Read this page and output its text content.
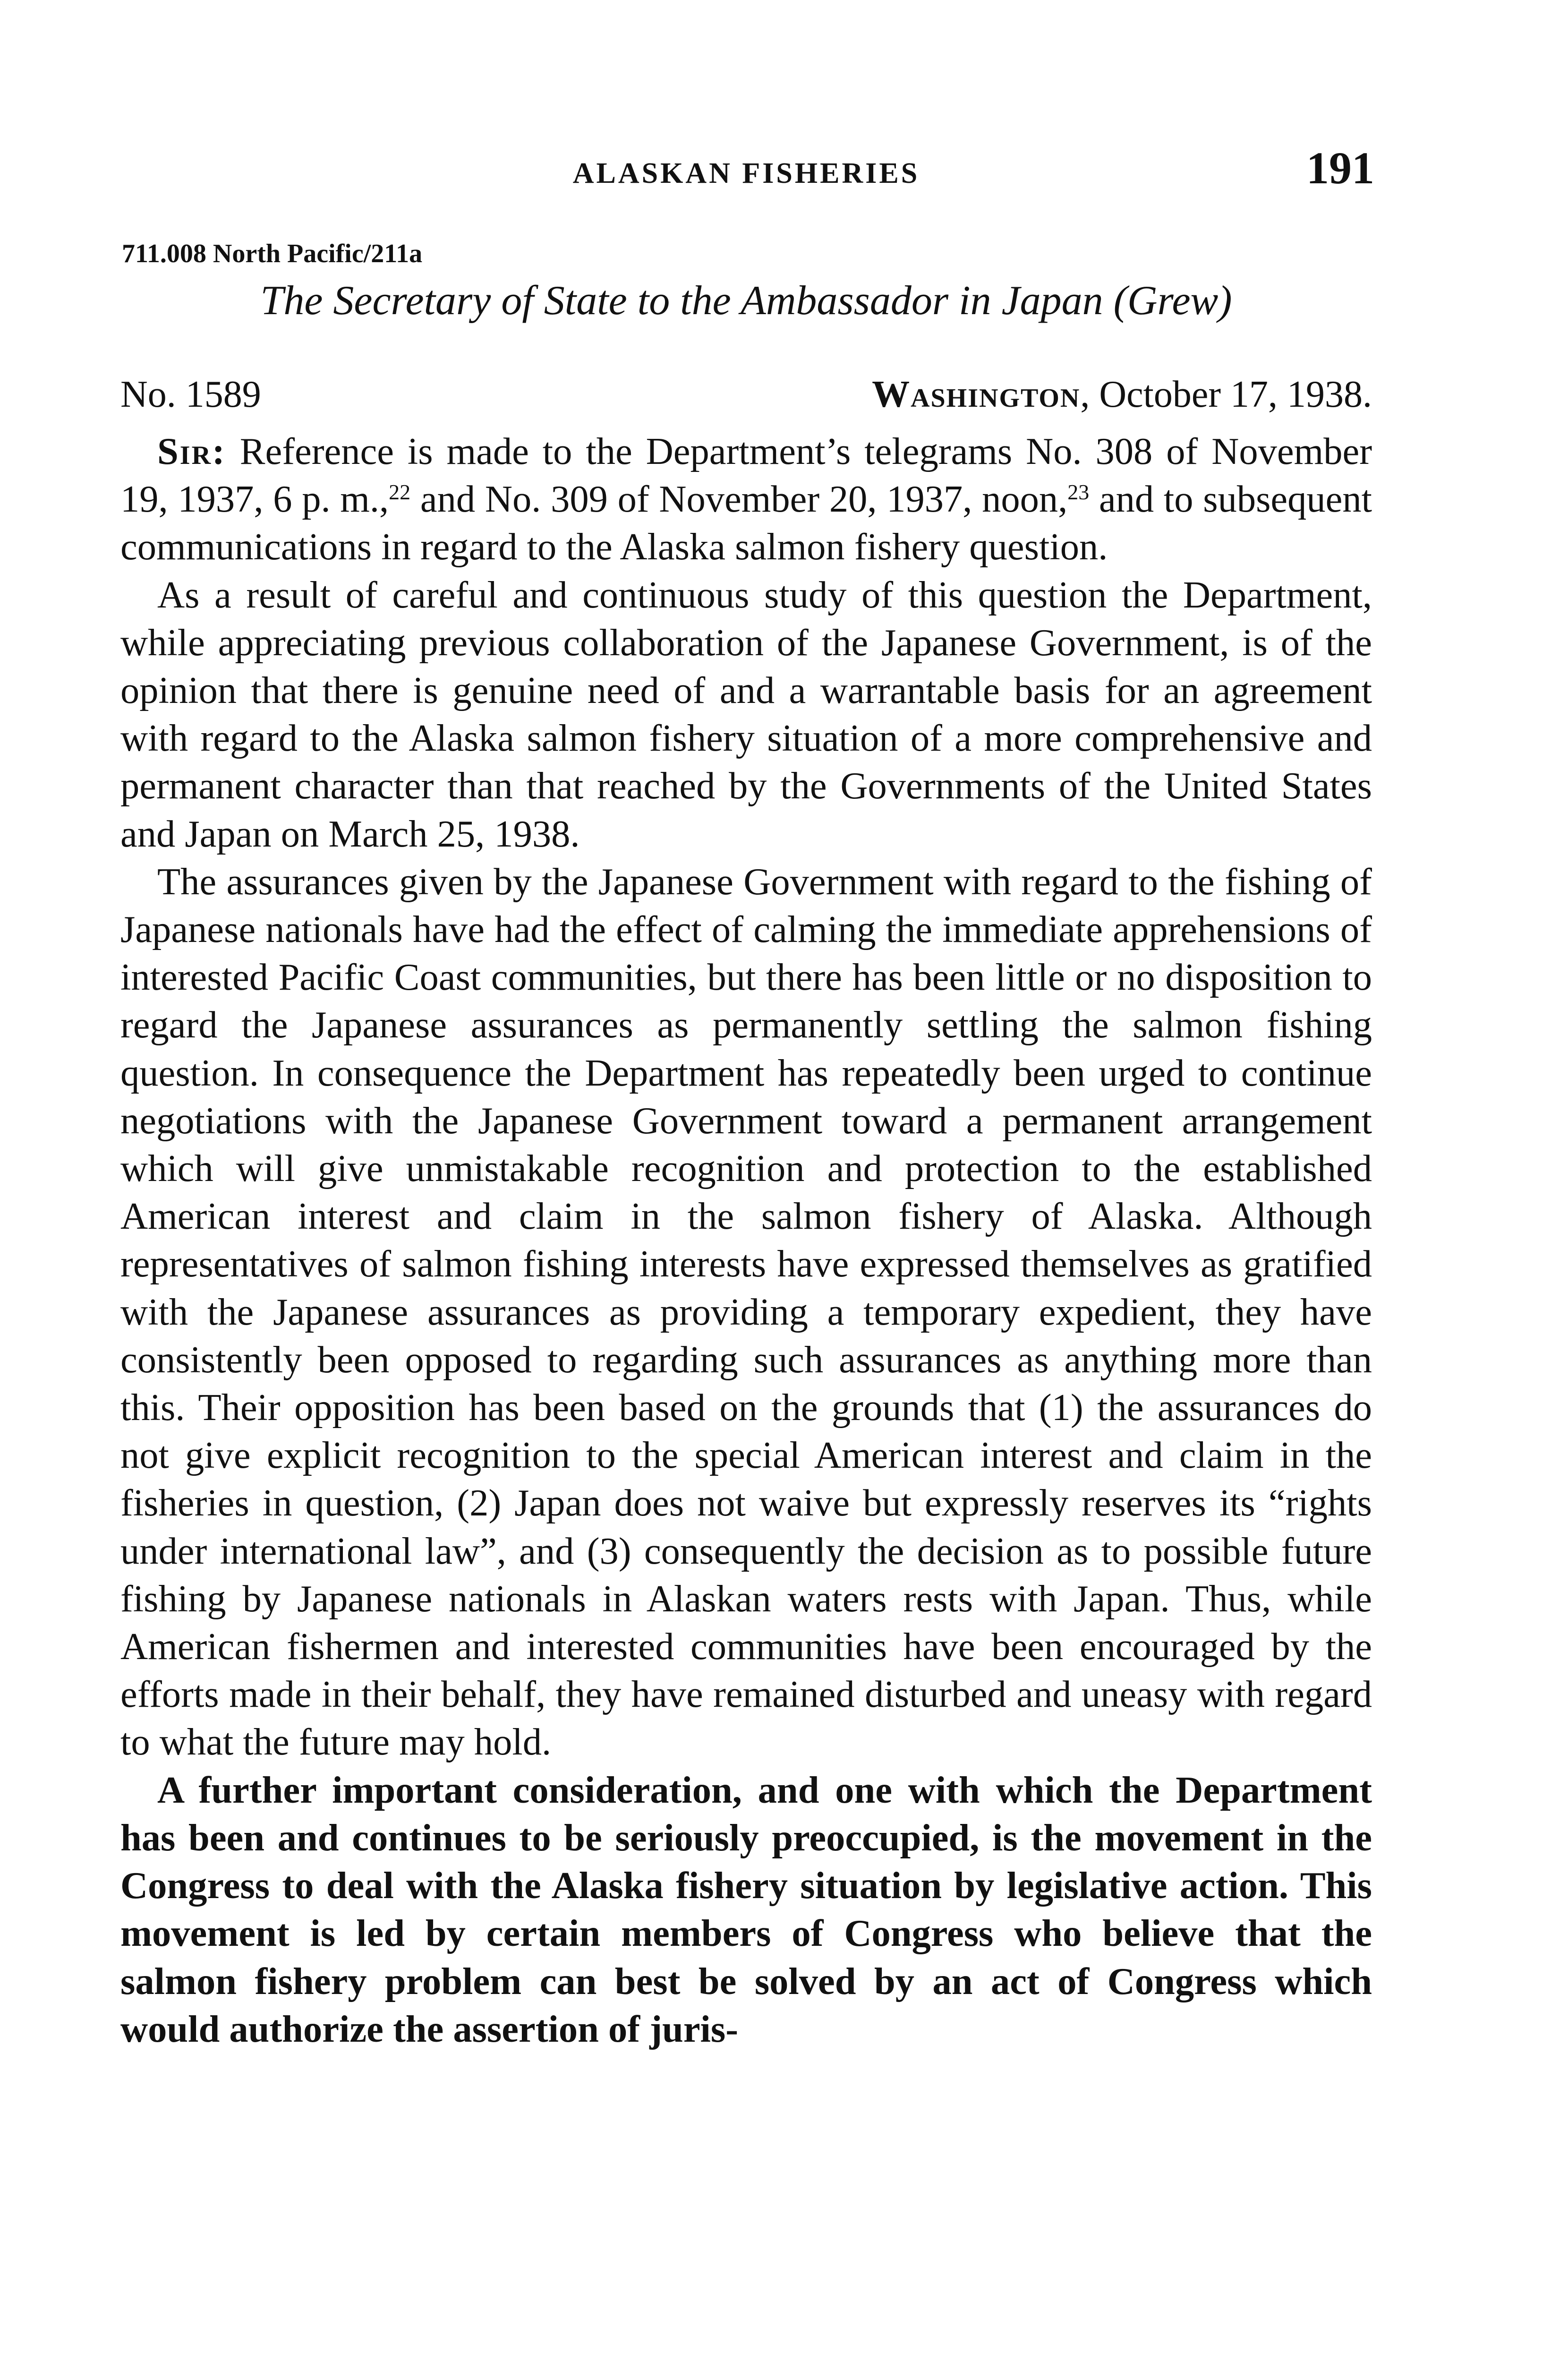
ALASKAN FISHERIES	191
711.008 North Pacific/211a
The Secretary of State to the Ambassador in Japan (Grew)
No. 1589	Washington, October 17, 1938.

Sir: Reference is made to the Department’s telegrams No. 308 of November 19, 1937, 6 p. m.,$^{22}$ and No. 309 of November 20, 1937, noon,$^{23}$ and to subsequent communications in regard to the Alaska salmon fishery question.

As a result of careful and continuous study of this question the Department, while appreciating previous collaboration of the Japanese Government, is of the opinion that there is genuine need of and a warrantable basis for an agreement with regard to the Alaska salmon fishery situation of a more comprehensive and permanent character than that reached by the Governments of the United States and Japan on March 25, 1938.

The assurances given by the Japanese Government with regard to the fishing of Japanese nationals have had the effect of calming the immediate apprehensions of interested Pacific Coast communities, but there has been little or no disposition to regard the Japanese assurances as permanently settling the salmon fishing question. In consequence the Department has repeatedly been urged to continue negotiations with the Japanese Government toward a permanent arrangement which will give unmistakable recognition and protection to the established American interest and claim in the salmon fishery of Alaska. Although representatives of salmon fishing interests have expressed themselves as gratified with the Japanese assurances as providing a temporary expedient, they have consistently been opposed to regarding such assurances as anything more than this. Their opposition has been based on the grounds that (1) the assurances do not give explicit recognition to the special American interest and claim in the fisheries in question, (2) Japan does not waive but expressly reserves its “rights under international law”, and (3) consequently the decision as to possible future fishing by Japanese nationals in Alaskan waters rests with Japan. Thus, while American fishermen and interested communities have been encouraged by the efforts made in their behalf, they have remained disturbed and uneasy with regard to what the future may hold.

A further important consideration, and one with which the Department has been and continues to be seriously preoccupied, is the movement in the Congress to deal with the Alaska fishery situation by legislative action. This movement is led by certain members of Congress who believe that the salmon fishery problem can best be solved by an act of Congress which would authorize the assertion of juris-
